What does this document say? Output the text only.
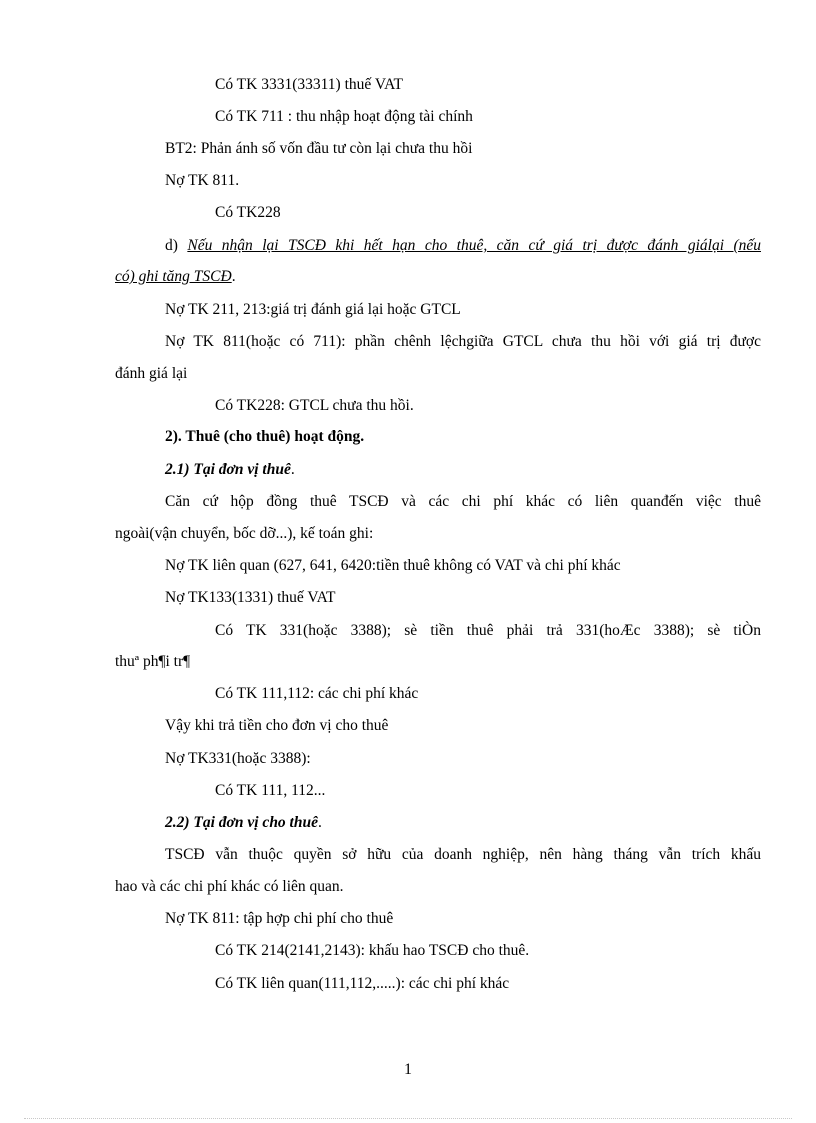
Có TK 3331(33311) thuế VAT
Có TK 711 : thu nhập hoạt động tài chính
BT2: Phản ánh số vốn đầu tư còn lại chưa thu hồi
Nợ TK 811.
Có TK228
d) Nếu nhận lại TSCĐ khi hết hạn cho thuê, căn cứ giá trị được đánh giálại (nếu
có) ghi tăng TSCĐ.
Nợ TK 211, 213:giá trị đánh giá lại hoặc GTCL
Nợ TK 811(hoặc có 711): phần chênh lệchgiữa GTCL chưa thu hồi với giá trị được
đánh giá lại
Có TK228: GTCL chưa thu hồi.
2). Thuê (cho thuê) hoạt động.
2.1) Tại đơn vị thuê.
Căn cứ hộp đồng thuê TSCĐ và các chi phí khác có liên quanđến việc thuê
ngoài(vận chuyển, bốc dỡ...), kế toán ghi:
Nợ TK liên quan (627, 641, 6420:tiền thuê không có VAT và chi phí khác
Nợ TK133(1331) thuế VAT
Có TK 331(hoặc 3388); sè tiền thuê phải trả 331(hoÆc 3388); sè tiÒn
thuª ph¶i tr¶
Có TK 111,112: các chi phí khác
Vậy khi trả tiền cho đơn vị cho thuê
Nợ TK331(hoặc 3388):
Có TK 111, 112...
2.2) Tại đơn vị cho thuê.
TSCĐ vẫn thuộc quyền sở hữu của doanh nghiệp, nên hàng tháng vẫn trích khấu
hao và các chi phí khác có liên quan.
Nợ TK 811: tập hợp chi phí cho thuê
Có TK 214(2141,2143): khấu hao TSCĐ cho thuê.
Có TK liên quan(111,112,.....): các chi phí khác
1
